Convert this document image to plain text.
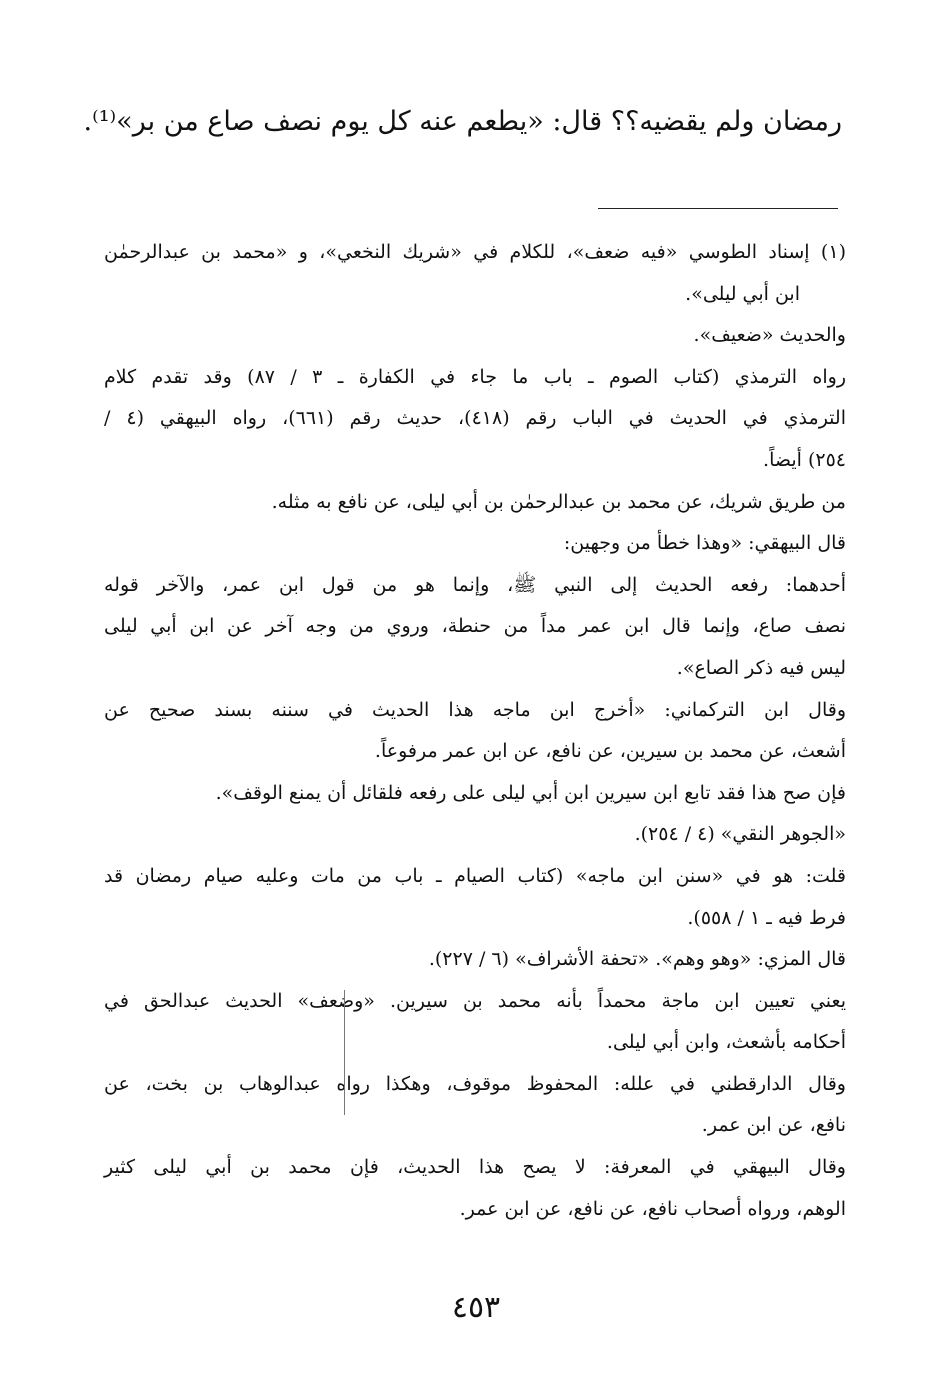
رمضان ولم يقضيه؟؟ قال: «يطعم عنه كل يوم نصف صاع من بر»⁽¹⁾.
(١) إسناد الطوسي «فيه ضعف»، للكلام في «شريك النخعي»، و «محمد بن عبدالرحمٰن
ابن أبي ليلى».
والحديث «ضعيف».
رواه الترمذي (كتاب الصوم ـ باب ما جاء في الكفارة ـ ٣ / ٨٧) وقد تقدم كلام
الترمذي في الحديث في الباب رقم (٤١٨)، حديث رقم (٦٦١)، رواه البيهقي (٤ /
٢٥٤) أيضاً.
من طريق شريك، عن محمد بن عبدالرحمٰن بن أبي ليلى، عن نافع به مثله.
قال البيهقي: «وهذا خطأ من وجهين:
أحدهما: رفعه الحديث إلى النبي ﷺ، وإنما هو من قول ابن عمر، والآخر قوله
نصف صاع، وإنما قال ابن عمر مداً من حنطة، وروي من وجه آخر عن ابن أبي ليلى
ليس فيه ذكر الصاع».
وقال ابن التركماني: «أخرج ابن ماجه هذا الحديث في سننه بسند صحيح عن
أشعث، عن محمد بن سيرين، عن نافع، عن ابن عمر مرفوعاً.
فإن صح هذا فقد تابع ابن سيرين ابن أبي ليلى على رفعه فلقائل أن يمنع الوقف».
«الجوهر النقي» (٤ / ٢٥٤).
قلت: هو في «سنن ابن ماجه» (كتاب الصيام ـ باب من مات وعليه صيام رمضان قد
فرط فيه ـ ١ / ٥٥٨).
قال المزي: «وهو وهم». «تحفة الأشراف» (٦ / ٢٢٧).
يعني تعيين ابن ماجة محمداً بأنه محمد بن سيرين. «وضعف» الحديث عبدالحق في
أحكامه بأشعث، وابن أبي ليلى.
وقال الدارقطني في علله: المحفوظ موقوف، وهكذا رواه عبدالوهاب بن بخت، عن
نافع، عن ابن عمر.
وقال البيهقي في المعرفة: لا يصح هذا الحديث، فإن محمد بن أبي ليلى كثير
الوهم، ورواه أصحاب نافع، عن نافع، عن ابن عمر.
٤٥٣
